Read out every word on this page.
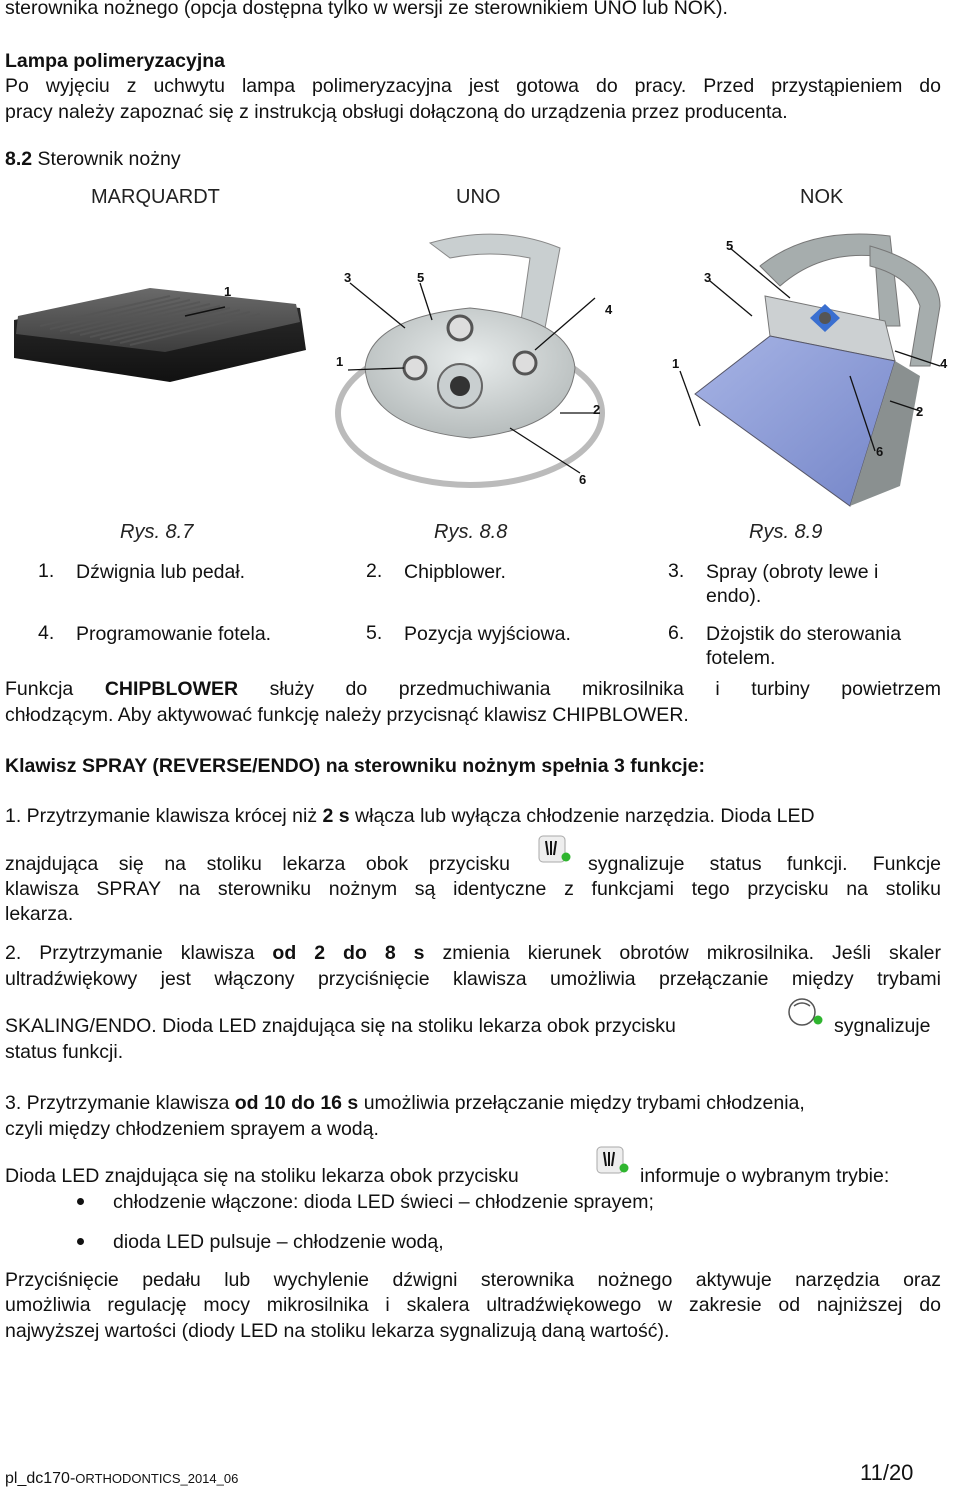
sterownika nożnego (opcja dostępna tylko w wersji ze sterownikiem UNO lub NOK).
Lampa polimeryzacyjna
Po wyjęciu z uchwytu lampa polimeryzacyjna jest gotowa do pracy. Przed przystąpieniem do
pracy należy zapoznać się z instrukcją obsługi dołączoną do urządzenia przez producenta.
8.2 Sterownik nożny
MARQUARDT	UNO	NOK
1
3	5
4
1
2
6
3
5
1	4
2
6
Rys. 8.7	Rys. 8.8	Rys. 8.9
1. Dźwignia lub pedał.	2. Chipblower.	3. Spray (obroty lewe i
endo).
4. Programowanie fotela.	5. Pozycja wyjściowa.	6. Dżojstik do sterowania
fotelem.
Funkcja CHIPBLOWER służy do przedmuchiwania mikrosilnika i turbiny powietrzem
chłodzącym. Aby aktywować funkcję należy przycisnąć klawisz CHIPBLOWER.
Klawisz SPRAY (REVERSE/ENDO) na sterowniku nożnym spełnia 3 funkcje:
1. Przytrzymanie klawisza krócej niż 2 s włącza lub wyłącza chłodzenie narzędzia. Dioda LED
znajdująca się na stoliku lekarza obok przycisku	sygnalizuje status funkcji. Funkcje
klawisza SPRAY na sterowniku nożnym są identyczne z funkcjami tego przycisku na stoliku
lekarza.
2. Przytrzymanie klawisza od 2 do 8 s zmienia kierunek obrotów mikrosilnika. Jeśli skaler
ultradźwiękowy jest włączony przyciśnięcie klawisza umożliwia przełączanie między trybami
SKALING/ENDO. Dioda LED znajdująca się na stoliku lekarza obok przycisku	sygnalizuje
status funkcji.
3. Przytrzymanie klawisza od 10 do 16 s umożliwia przełączanie między trybami chłodzenia,
czyli między chłodzeniem sprayem a wodą.
Dioda LED znajdująca się na stoliku lekarza obok przycisku	informuje o wybranym trybie:
chłodzenie włączone: dioda LED świeci – chłodzenie sprayem;
dioda LED pulsuje – chłodzenie wodą,
Przyciśnięcie pedału lub wychylenie dźwigni sterownika nożnego aktywuje narzędzia oraz
umożliwia regulację mocy mikrosilnika i skalera ultradźwiękowego w zakresie od najniższej do
najwyższej wartości (diody LED na stoliku lekarza sygnalizują daną wartość).
pl_dc170-ORTHODONTICS_2014_06	11/20
